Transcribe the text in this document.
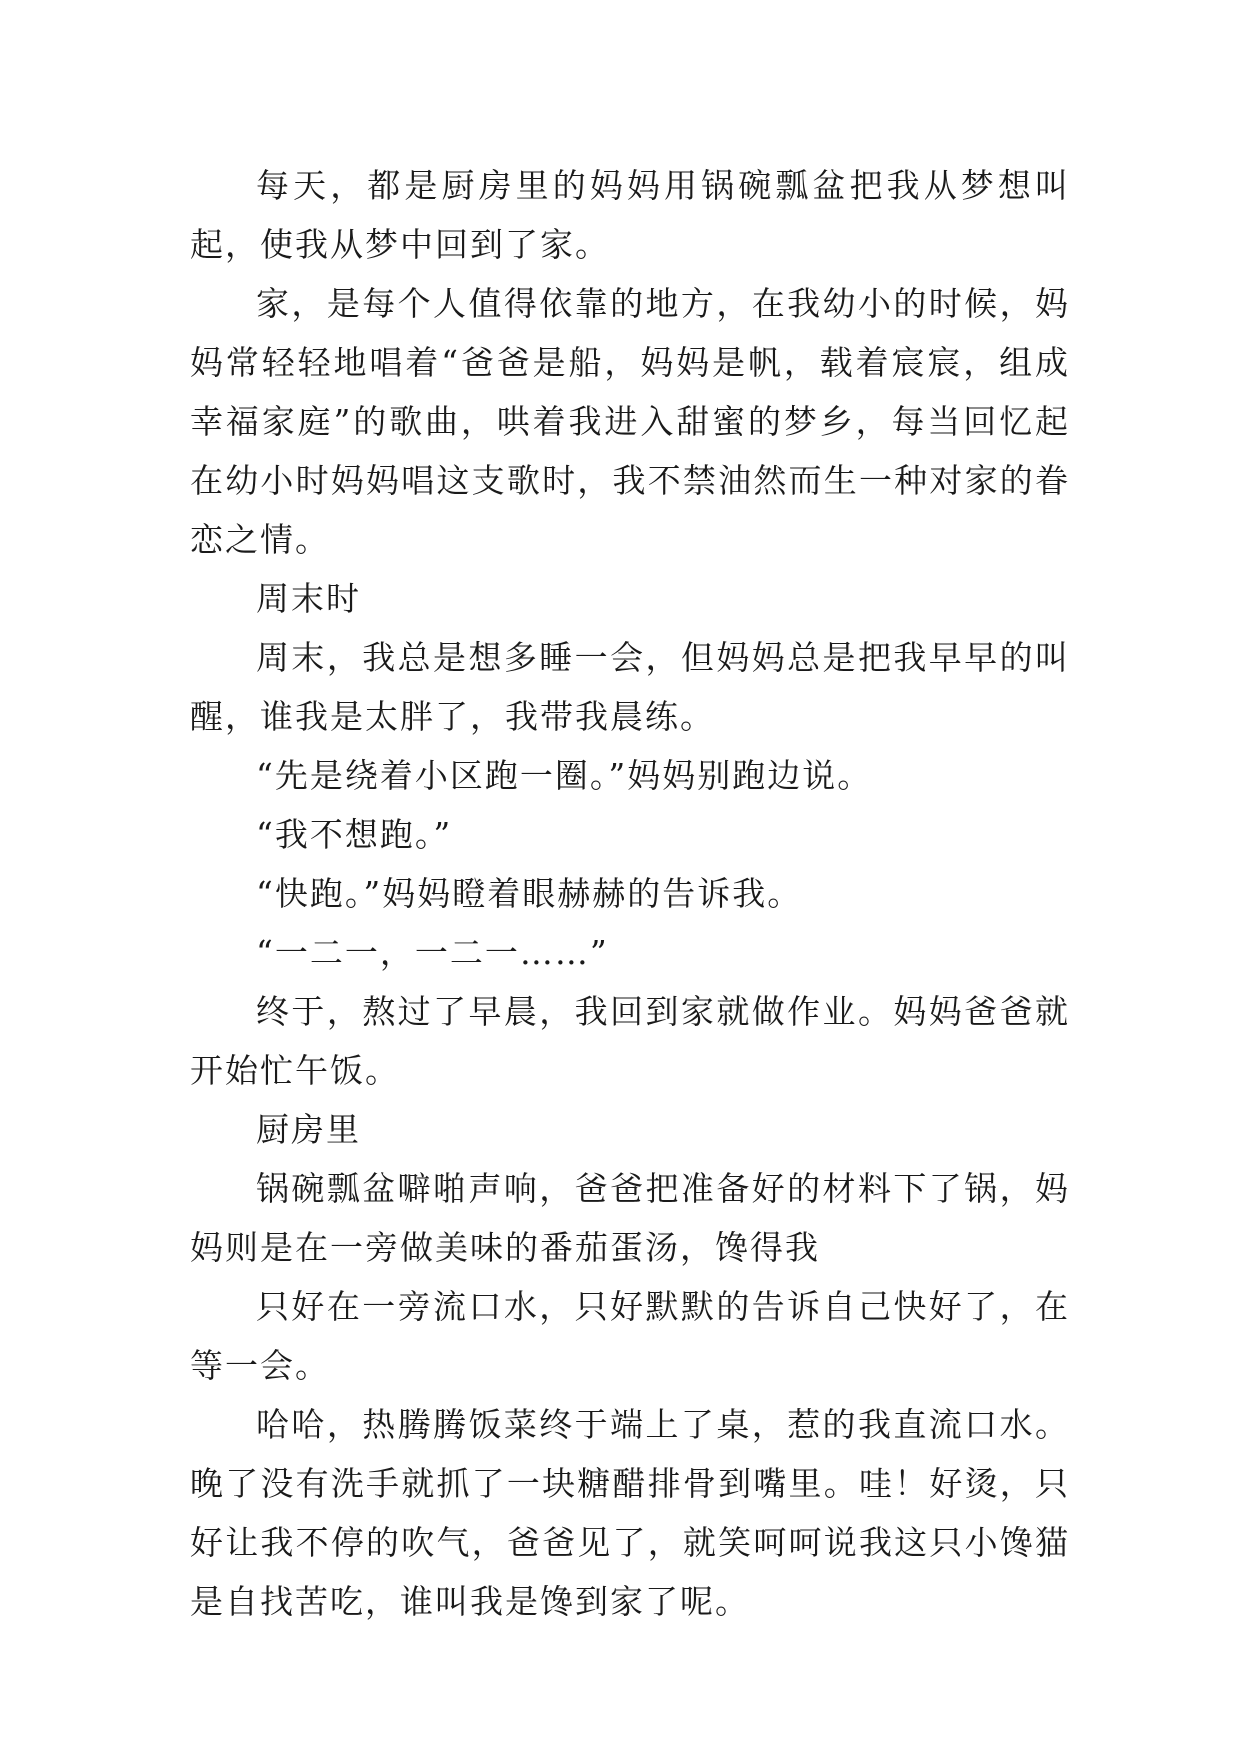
每天，都是厨房里的妈妈用锅碗瓢盆把我从梦想叫起，使我从梦中回到了家。

家，是每个人值得依靠的地方，在我幼小的时候，妈妈常轻轻地唱着“爸爸是船，妈妈是帆，载着宸宸，组成幸福家庭”的歌曲，哄着我进入甜蜜的梦乡，每当回忆起在幼小时妈妈唱这支歌时，我不禁油然而生一种对家的眷恋之情。

周末时

周末，我总是想多睡一会，但妈妈总是把我早早的叫醒，谁我是太胖了，我带我晨练。

“先是绕着小区跑一圈。”妈妈别跑边说。

“我不想跑。”

“快跑。”妈妈瞪着眼赫赫的告诉我。

“一二一，一二一……”

终于，熬过了早晨，我回到家就做作业。妈妈爸爸就开始忙午饭。

厨房里

锅碗瓢盆噼啪声响，爸爸把准备好的材料下了锅，妈妈则是在一旁做美味的番茄蛋汤，馋得我

只好在一旁流口水，只好默默的告诉自己快好了，在等一会。

哈哈，热腾腾饭菜终于端上了桌，惹的我直流口水。晚了没有洗手就抓了一块糖醋排骨到嘴里。哇！好烫，只好让我不停的吹气，爸爸见了，就笑呵呵说我这只小馋猫是自找苦吃，谁叫我是馋到家了呢。
